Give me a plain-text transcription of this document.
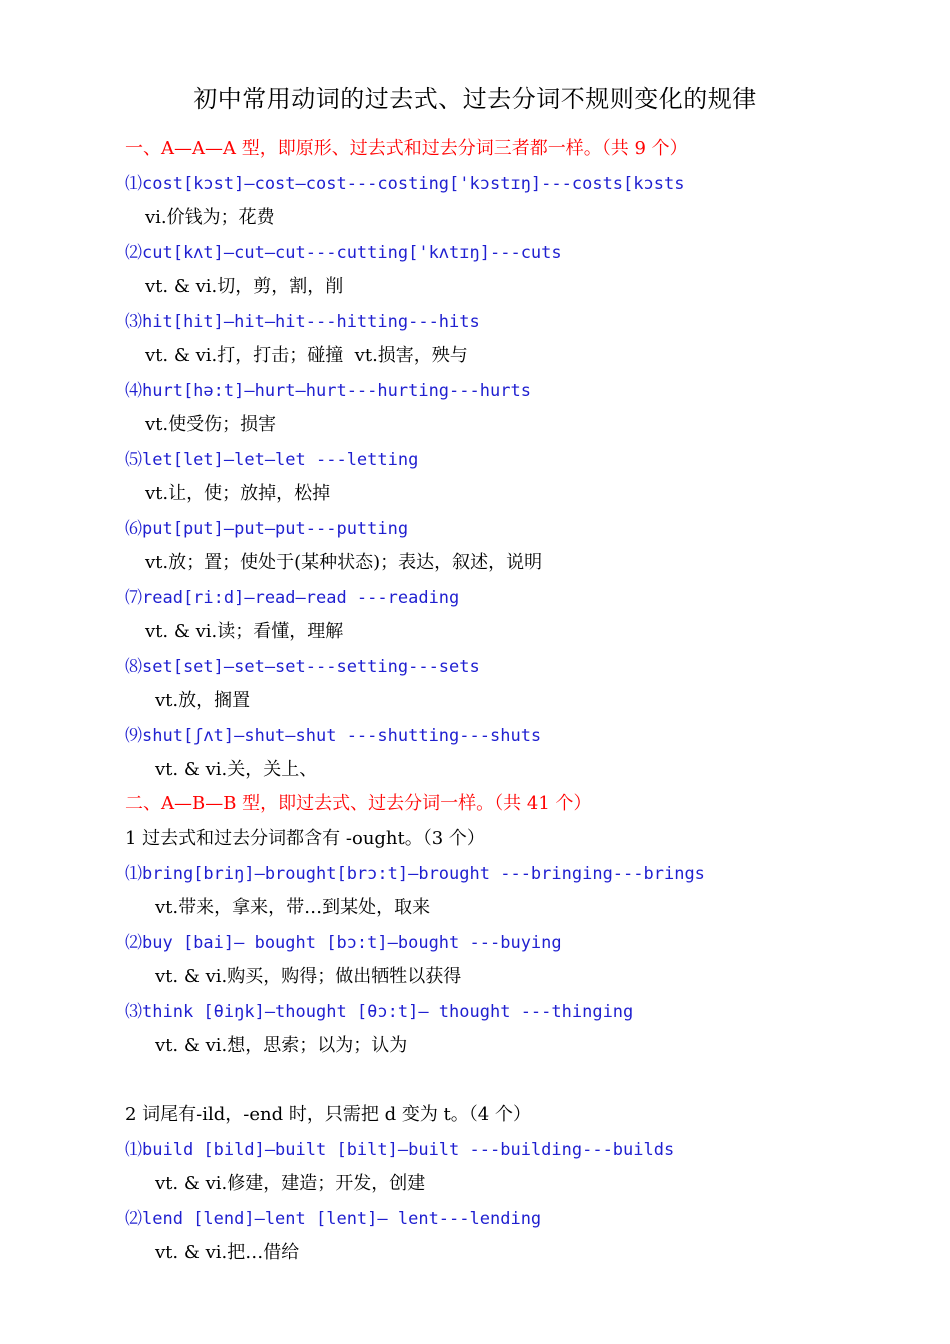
初中常用动词的过去式、过去分词不规则变化的规律
一、A—A—A 型，即原形、过去式和过去分词三者都一样。（共 9 个）
⑴cost[kɔst]—cost—cost---costing['kɔstɪŋ]---costs[kɔsts
vi.价钱为；花费
⑵cut[kʌt]—cut—cut---cutting['kʌtɪŋ]---cuts
vt. & vi.切，剪，割，削
⑶hit[hit]—hit—hit---hitting---hits
vt. & vi.打，打击；碰撞  vt.损害，殃与
⑷hurt[hə:t]—hurt—hurt---hurting---hurts
vt.使受伤；损害
⑸let[let]—let—let ---letting
vt.让，使；放掉，松掉
⑹put[put]—put—put---putting
vt.放；置；使处于(某种状态)；表达，叙述，说明
⑺read[ri:d]—read—read ---reading
vt. & vi.读；看懂，理解
⑻set[set]—set—set---setting---sets
vt.放，搁置
⑼shut[ʃʌt]—shut—shut ---shutting---shuts
vt. & vi.关，关上、
二、A—B—B 型，即过去式、过去分词一样。（共 41 个）
1 过去式和过去分词都含有 -ought。（3 个）
⑴bring[briŋ]—brought[brɔ:t]—brought ---bringing---brings
vt.带来，拿来，带…到某处，取来
⑵buy [bai]— bought [bɔ:t]—bought ---buying
vt. & vi.购买，购得；做出牺牲以获得
⑶think [θiŋk]—thought [θɔ:t]— thought ---thinging
vt. & vi.想，思索；以为；认为
2 词尾有-ild，-end 时，只需把 d 变为 t。（4 个）
⑴build [bild]—built [bilt]—built ---building---builds
vt. & vi.修建，建造；开发，创建
⑵lend [lend]—lent [lent]— lent---lending
vt. & vi.把…借给
